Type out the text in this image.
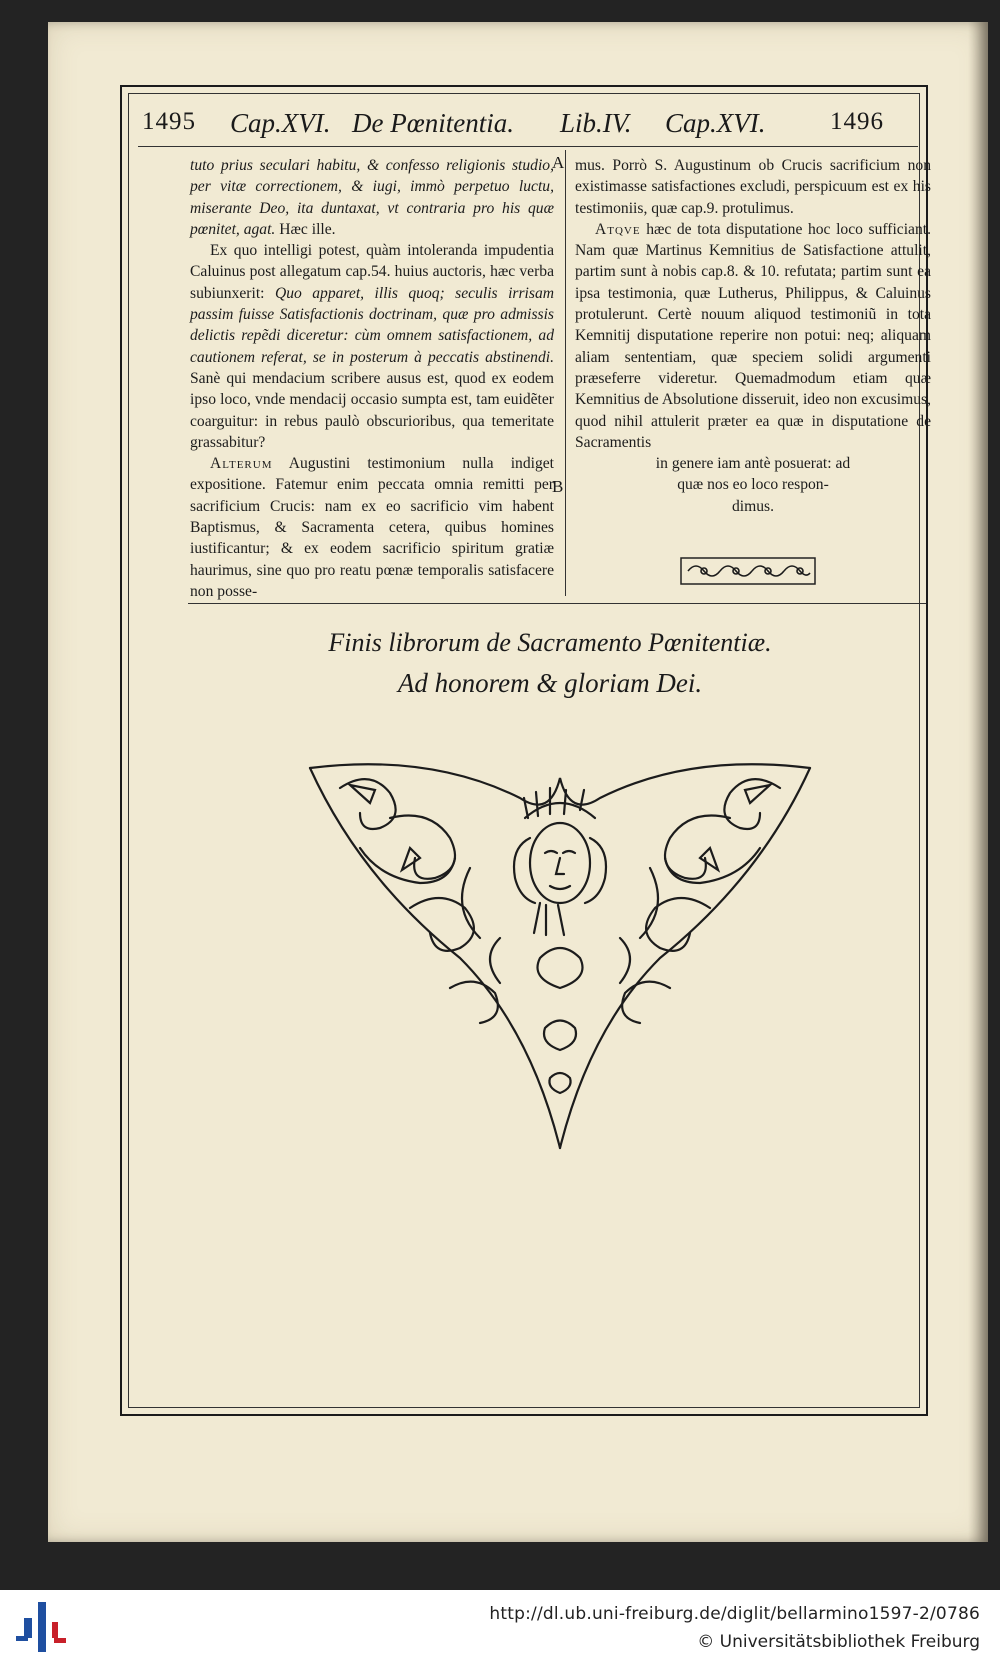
1495 Cap.XVI. De Pœnitentia. Lib.IV. Cap.XVI.	1496
A
B

tuto prius seculari habitu, & confesso religionis studio, per vitæ correctionem, & iugi, immò perpetuo luctu, miserante Deo, ita duntaxat, vt contraria pro his quæ pœnitet, agat. Hæc ille.

Ex quo intelligi potest, quàm intoleranda impudentia Caluinus post allegatum cap.54. huius auctoris, hæc verba subiunxerit: Quo apparet, illis quoq; seculis irrisam passim fuisse Satisfactionis doctrinam, quæ pro admissis delictis repẽdi diceretur: cùm omnem satisfactionem, ad cautionem referat, se in posterum à peccatis abstinendi. Sanè qui mendacium scribere ausus est, quod ex eodem ipso loco, vnde mendacij occasio sumpta est, tam euidẽter coarguitur: in rebus paulò obscurioribus, qua temeritate grassabitur?

Alterum Augustini testimonium nulla indiget expositione. Fatemur enim peccata omnia remitti per sacrificium Crucis: nam ex eo sacrificio vim habent Baptismus, & Sacramenta cetera, quibus homines iustificantur; & ex eodem sacrificio spiritum gratiæ haurimus, sine quo pro reatu pœnæ temporalis satisfacere non posse-

mus. Porrò S. Augustinum ob Crucis sacrificium non existimasse satisfactiones excludi, perspicuum est ex his testimoniis, quæ cap.9. protulimus.

Atqve hæc de tota disputatione hoc loco sufficiant. Nam quæ Martinus Kemnitius de Satisfactione attulit, partim sunt à nobis cap.8. & 10. refutata; partim sunt ea ipsa testimonia, quæ Lutherus, Philippus, & Caluinus protulerunt. Certè nouum aliquod testimoniũ in tota Kemnitij disputatione reperire non potui: neq; aliquam aliam sententiam, quæ speciem solidi argumenti præseferre videretur. Quemadmodum etiam quæ Kemnitius de Absolutione disseruit, ideo non excusimus, quod nihil attulerit præter ea quæ in disputatione de Sacramentis

in genere iam antè posuerat: ad

quæ nos eo loco respon-

dimus.

Finis librorum de Sacramento Pœnitentiæ.
Ad honorem & gloriam Dei.
http://dl.ub.uni-freiburg.de/diglit/bellarmino1597-2/0786
© Universitätsbibliothek Freiburg
